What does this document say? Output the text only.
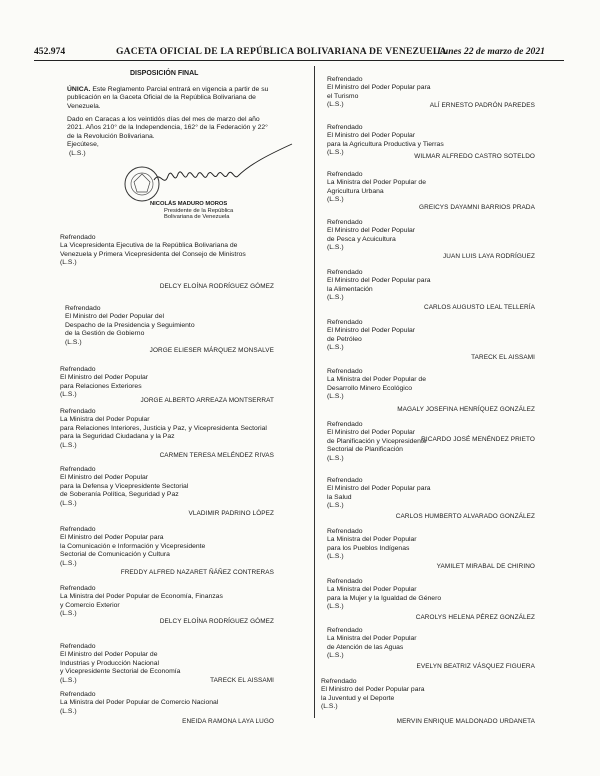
452.974	GACETA OFICIAL DE LA REPÚBLICA BOLIVARIANA DE VENEZUELA
Lunes 22 de marzo de 2021
DISPOSICIÓN FINAL
ÚNICA. Este Reglamento Parcial entrará en vigencia a partir de su
publicación en la Gaceta Oficial de la República Bolivariana de
Venezuela.
Dado en Caracas a los veintidós días del mes de marzo del año
2021. Años 210° de la Independencia, 162° de la Federación y 22°
de la Revolución Bolivariana.
Ejecútese,
(L.S.)
NICOLÁS MADURO MOROS
Presidente de la República
Bolivariana de Venezuela
Refrendado
La Vicepresidenta Ejecutiva de la República Bolivariana de
Venezuela y Primera Vicepresidenta del Consejo de Ministros
(L.S.)
DELCY ELOÍNA RODRÍGUEZ GÓMEZ
Refrendado
El Ministro del Poder Popular del
Despacho de la Presidencia y Seguimiento
de la Gestión de Gobierno
(L.S.)
JORGE ELIESER MÁRQUEZ MONSALVE
Refrendado
El Ministro del Poder Popular
para Relaciones Exteriores
(L.S.)
JORGE ALBERTO ARREAZA MONTSERRAT
Refrendado
La Ministra del Poder Popular
para Relaciones Interiores, Justicia y Paz, y Vicepresidenta Sectorial
para la Seguridad Ciudadana y la Paz
(L.S.)
CARMEN TERESA MELÉNDEZ RIVAS
Refrendado
El Ministro del Poder Popular
para la Defensa y Vicepresidente Sectorial
de Soberanía Política, Seguridad y Paz
(L.S.)
VLADIMIR PADRINO LÓPEZ
Refrendado
El Ministro del Poder Popular para
la Comunicación e Información y Vicepresidente
Sectorial de Comunicación y Cultura
(L.S.)
FREDDY ALFRED NAZARET ÑÁÑEZ CONTRERAS
Refrendado
La Ministra del Poder Popular de Economía, Finanzas
y Comercio Exterior
(L.S.)
DELCY ELOÍNA RODRÍGUEZ GÓMEZ
Refrendado
El Ministro del Poder Popular de
Industrias y Producción Nacional
y Vicepresidente Sectorial de Economía
(L.S.)	TARECK EL AISSAMI
Refrendado
La Ministra del Poder Popular de Comercio Nacional
(L.S.)
ENEIDA RAMONA LAYA LUGO
Refrendado
El Ministro del Poder Popular para
el Turismo
(L.S.)	ALÍ ERNESTO PADRÓN PAREDES
Refrendado
El Ministro del Poder Popular
para la Agricultura Productiva y Tierras
(L.S.)
WILMAR ALFREDO CASTRO SOTELDO
Refrendado
La Ministra del Poder Popular de
Agricultura Urbana
(L.S.)
GREICYS DAYAMNI BARRIOS PRADA
Refrendado
El Ministro del Poder Popular
de Pesca y Acuicultura
(L.S.)
JUAN LUIS LAYA RODRÍGUEZ
Refrendado
El Ministro del Poder Popular para
la Alimentación
(L.S.)
CARLOS AUGUSTO LEAL TELLERÍA
Refrendado
El Ministro del Poder Popular
de Petróleo
(L.S.)
TARECK EL AISSAMI
Refrendado
La Ministra del Poder Popular de
Desarrollo Minero Ecológico
(L.S.)
MAGALY JOSEFINA HENRÍQUEZ GONZÁLEZ
Refrendado
El Ministro del Poder Popular
de Planificación y Vicepresidente
Sectorial de Planificación
(L.S.)
RICARDO JOSÉ MENÉNDEZ PRIETO
Refrendado
El Ministro del Poder Popular para
la Salud
(L.S.)
CARLOS HUMBERTO ALVARADO GONZÁLEZ
Refrendado
La Ministra del Poder Popular
para los Pueblos Indígenas
(L.S.)
YAMILET MIRABAL DE CHIRINO
Refrendado
La Ministra del Poder Popular
para la Mujer y la Igualdad de Género
(L.S.)
CAROLYS HELENA PÉREZ GONZÁLEZ
Refrendado
La Ministra del Poder Popular
de Atención de las Aguas
(L.S.)
EVELYN BEATRIZ VÁSQUEZ FIGUERA
Refrendado
El Ministro del Poder Popular para
la Juventud y el Deporte
(L.S.)
MERVIN ENRIQUE MALDONADO URDANETA
